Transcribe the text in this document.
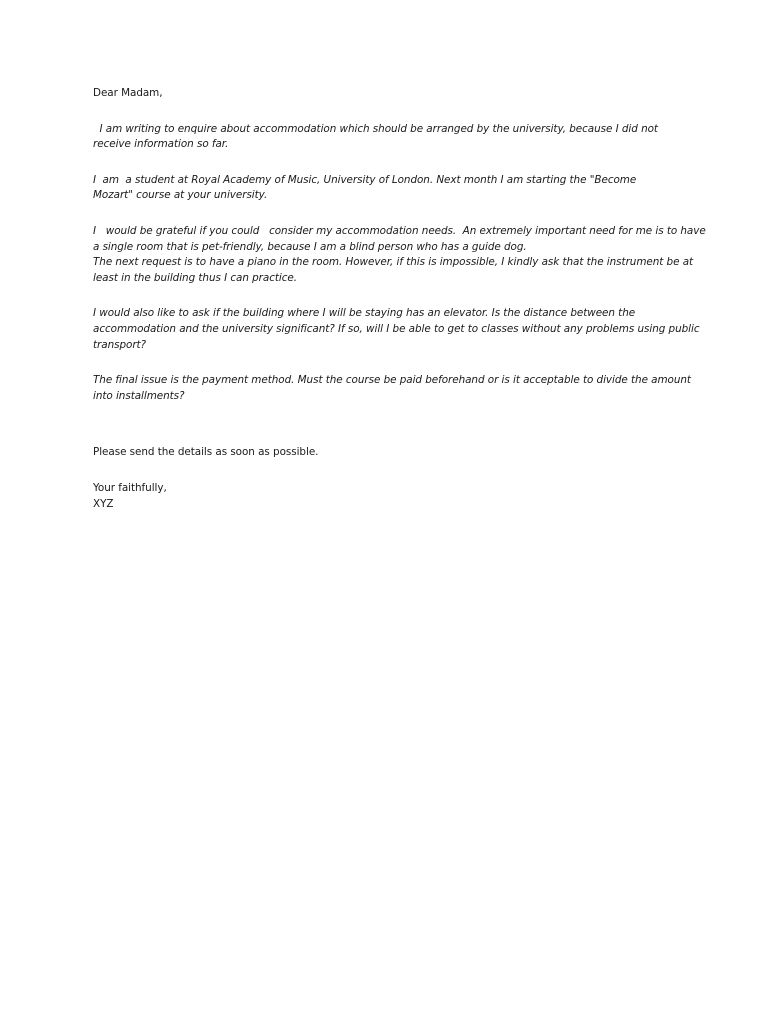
Dear Madam,
I am writing to enquire about accommodation which should be arranged by the university, because I did not
receive information so far.
I  am  a student at Royal Academy of Music, University of London. Next month I am starting the "Become
Mozart" course at your university.
I   would be grateful if you could   consider my accommodation needs.  An extremely important need for me is to have
a single room that is pet-friendly, because I am a blind person who has a guide dog.
The next request is to have a piano in the room. However, if this is impossible, I kindly ask that the instrument be at
least in the building thus I can practice.
I would also like to ask if the building where I will be staying has an elevator. Is the distance between the
accommodation and the university significant? If so, will I be able to get to classes without any problems using public
transport?
The final issue is the payment method. Must the course be paid beforehand or is it acceptable to divide the amount
into installments?
Please send the details as soon as possible.
Your faithfully,
XYZ
